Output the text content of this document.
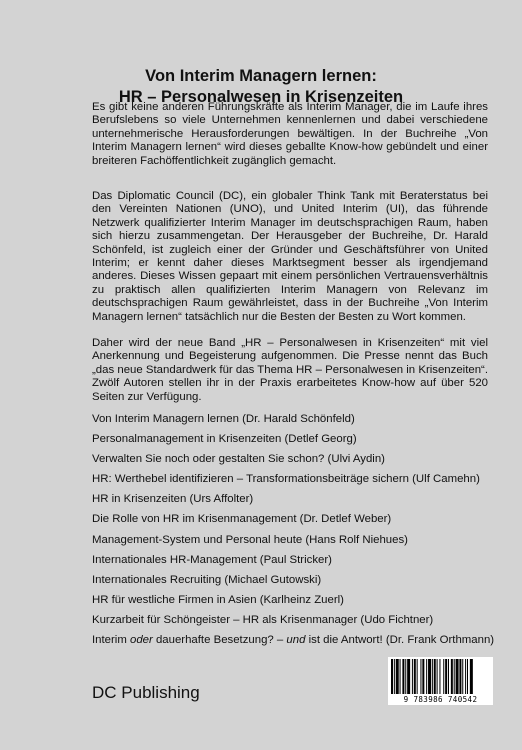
Von Interim Managern lernen:
HR – Personalwesen in Krisenzeiten

Es gibt keine anderen Führungskräfte als Interim Manager, die im Laufe ihres Berufslebens so viele Unternehmen kennenlernen und dabei verschiedene unternehmerische Herausforderungen bewältigen. In der Buchreihe „Von Interim Managern lernen“ wird dieses geballte Know-how gebündelt und einer breiteren Fachöffentlichkeit zugänglich gemacht.

Das Diplomatic Council (DC), ein globaler Think Tank mit Beraterstatus bei den Vereinten Nationen (UNO), und United Interim (UI), das führende Netzwerk qualifizierter Interim Manager im deutschsprachigen Raum, haben sich hierzu zusammengetan. Der Herausgeber der Buchreihe, Dr. Harald Schönfeld, ist zugleich einer der Gründer und Geschäftsführer von United Interim; er kennt daher dieses Marktsegment besser als irgendjemand anderes. Dieses Wissen gepaart mit einem persönlichen Vertrauensverhältnis zu praktisch allen qualifizierten Interim Managern von Relevanz im deutschsprachigen Raum gewährleistet, dass in der Buchreihe „Von Interim Managern lernen“ tatsächlich nur die Besten der Besten zu Wort kommen.

Daher wird der neue Band „HR – Personalwesen in Krisenzeiten“ mit viel Anerkennung und Begeisterung aufgenommen. Die Presse nennt das Buch „das neue Standardwerk für das Thema HR – Personalwesen in Krisenzeiten“. Zwölf Autoren stellen ihr in der Praxis erarbeitetes Know-how auf über 520 Seiten zur Verfügung.

Von Interim Managern lernen (Dr. Harald Schönfeld)
Personalmanagement in Krisenzeiten (Detlef Georg)
Verwalten Sie noch oder gestalten Sie schon? (Ulvi Aydin)
HR: Werthebel identifizieren – Transformationsbeiträge sichern (Ulf Camehn)
HR in Krisenzeiten (Urs Affolter)
Die Rolle von HR im Krisenmanagement (Dr. Detlef Weber)
Management-System und Personal heute (Hans Rolf Niehues)
Internationales HR-Management (Paul Stricker)
Internationales Recruiting (Michael Gutowski)
HR für westliche Firmen in Asien (Karlheinz Zuerl)
Kurzarbeit für Schöngeister – HR als Krisenmanager (Udo Fichtner)
Interim oder dauerhafte Besetzung? – und ist die Antwort! (Dr. Frank Orthmann)
DC Publishing	9 783986 740542
